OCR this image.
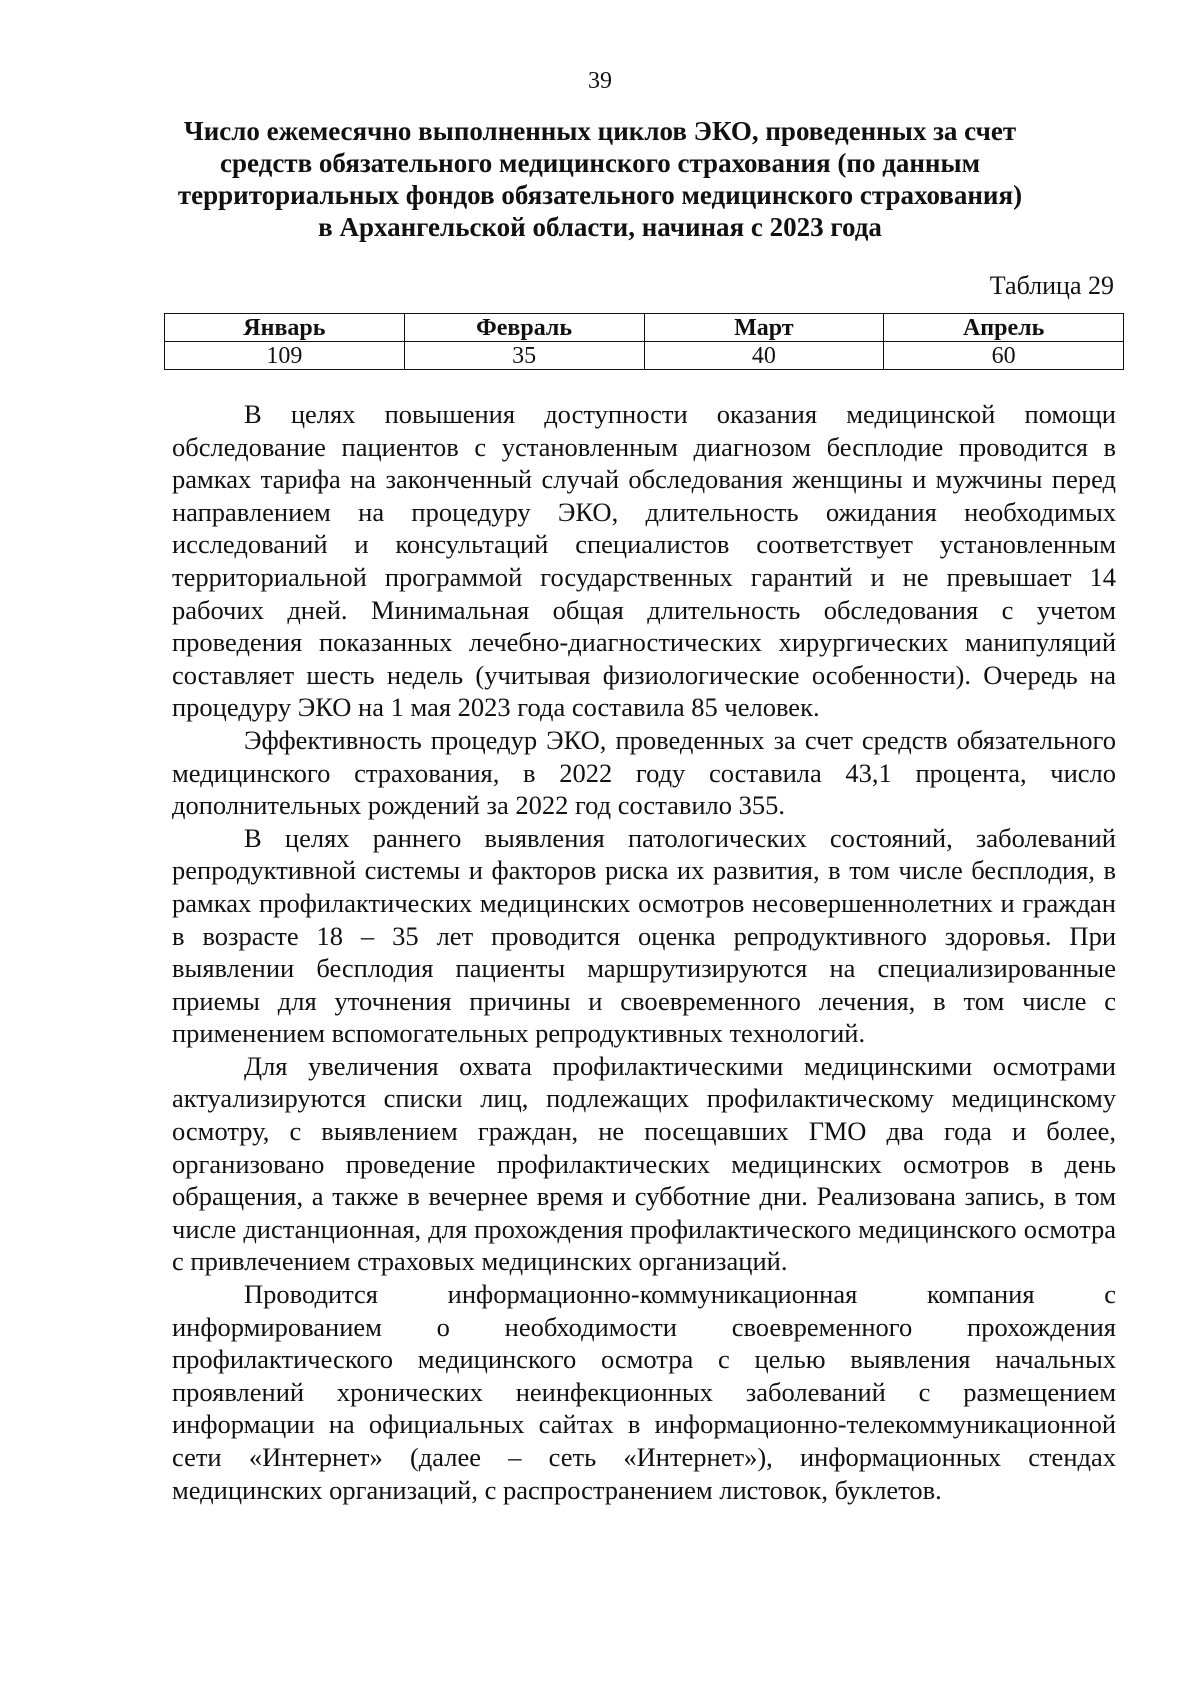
39
Число ежемесячно выполненных циклов ЭКО, проведенных за счет
средств обязательного медицинского страхования (по данным
территориальных фондов обязательного медицинского страхования)
в Архангельской области, начиная с 2023 года
Таблица 29
Январь	Февраль	Март	Апрель
109	35	40	60

В целях повышения доступности оказания медицинской помощи обследование пациентов с установленным диагнозом бесплодие проводится в рамках тарифа на законченный случай обследования женщины и мужчины перед направлением на процедуру ЭКО, длительность ожидания необходимых исследований и консультаций специалистов соответствует установленным территориальной программой государственных гарантий и не превышает 14 рабочих дней. Минимальная общая длительность обследования с учетом проведения показанных лечебно-диагностических хирургических манипуляций составляет шесть недель (учитывая физиологические особенности). Очередь на процедуру ЭКО на 1 мая 2023 года составила 85 человек.

Эффективность процедур ЭКО, проведенных за счет средств обязательного медицинского страхования, в 2022 году составила 43,1 процента, число дополнительных рождений за 2022 год составило 355.

В целях раннего выявления патологических состояний, заболеваний репродуктивной системы и факторов риска их развития, в том числе бесплодия, в рамках профилактических медицинских осмотров несовершеннолетних и граждан в возрасте 18 – 35 лет проводится оценка репродуктивного здоровья. При выявлении бесплодия пациенты маршрутизируются на специализированные приемы для уточнения причины и своевременного лечения, в том числе с применением вспомогательных репродуктивных технологий.

Для увеличения охвата профилактическими медицинскими осмотрами актуализируются списки лиц, подлежащих профилактическому медицинскому осмотру, с выявлением граждан, не посещавших ГМО два года и более, организовано проведение профилактических медицинских осмотров в день обращения, а также в вечернее время и субботние дни. Реализована запись, в том числе дистанционная, для прохождения профилактического медицинского осмотра с привлечением страховых медицинских организаций.

Проводится информационно-коммуникационная компания с информированием о необходимости своевременного прохождения профилактического медицинского осмотра с целью выявления начальных проявлений хронических неинфекционных заболеваний с размещением информации на официальных сайтах в информационно-телекоммуникационной сети «Интернет» (далее – сеть «Интернет»), информационных стендах медицинских организаций, с распространением листовок, буклетов.
